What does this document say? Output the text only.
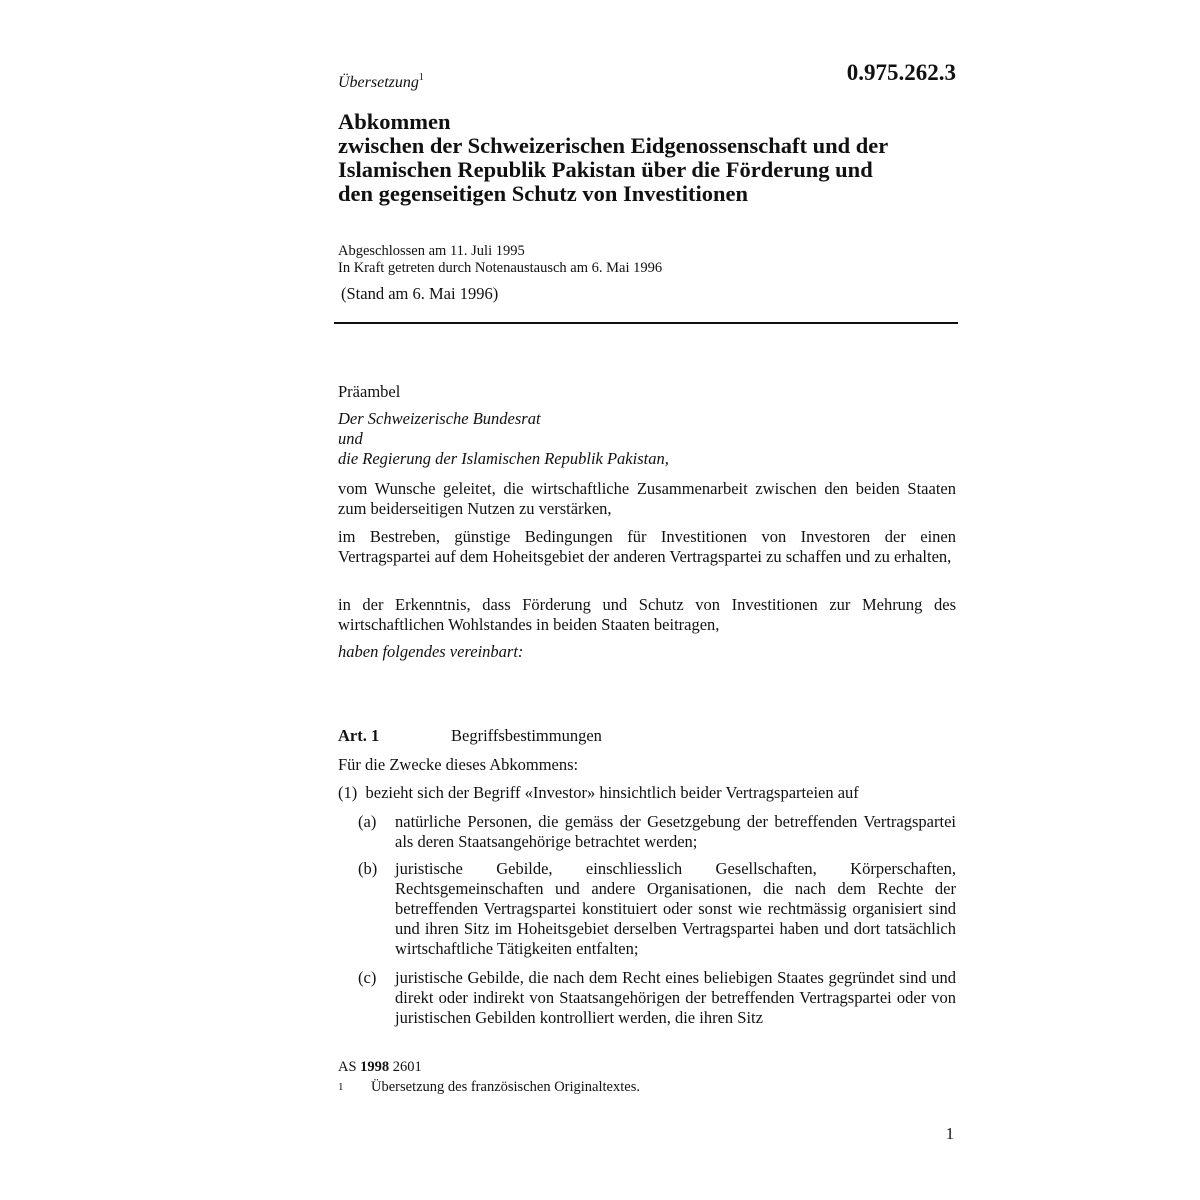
Übersetzung$^1$	0.975.262.3
Abkommen
zwischen der Schweizerischen Eidgenossenschaft und der
Islamischen Republik Pakistan über die Förderung und
den gegenseitigen Schutz von Investitionen
Abgeschlossen am 11. Juli 1995
In Kraft getreten durch Notenaustausch am 6. Mai 1996
(Stand am 6. Mai 1996)
Präambel
Der Schweizerische Bundesrat
und
die Regierung der Islamischen Republik Pakistan,
vom Wunsche geleitet, die wirtschaftliche Zusammenarbeit zwischen den beiden Staaten zum beiderseitigen Nutzen zu verstärken,
im Bestreben, günstige Bedingungen für Investitionen von Investoren der einen Vertragspartei auf dem Hoheitsgebiet der anderen Vertragspartei zu schaffen und zu erhalten,
in der Erkenntnis, dass Förderung und Schutz von Investitionen zur Mehrung des wirtschaftlichen Wohlstandes in beiden Staaten beitragen,
haben folgendes vereinbart:
Art. 1	Begriffsbestimmungen
Für die Zwecke dieses Abkommens:
(1)  bezieht sich der Begriff «Investor» hinsichtlich beider Vertragsparteien auf
(a)	natürliche Personen, die gemäss der Gesetzgebung der betreffenden Vertragspartei als deren Staatsangehörige betrachtet werden;
(b)	juristische Gebilde, einschliesslich Gesellschaften, Körperschaften, Rechtsgemeinschaften und andere Organisationen, die nach dem Rechte der betreffenden Vertragspartei konstituiert oder sonst wie rechtmässig organisiert sind und ihren Sitz im Hoheitsgebiet derselben Vertragspartei haben und dort tatsächlich wirtschaftliche Tätigkeiten entfalten;
(c)	juristische Gebilde, die nach dem Recht eines beliebigen Staates gegründet sind und direkt oder indirekt von Staatsangehörigen der betreffenden Vertragspartei oder von juristischen Gebilden kontrolliert werden, die ihren Sitz
AS 1998 2601
1 Übersetzung des französischen Originaltextes.
1
